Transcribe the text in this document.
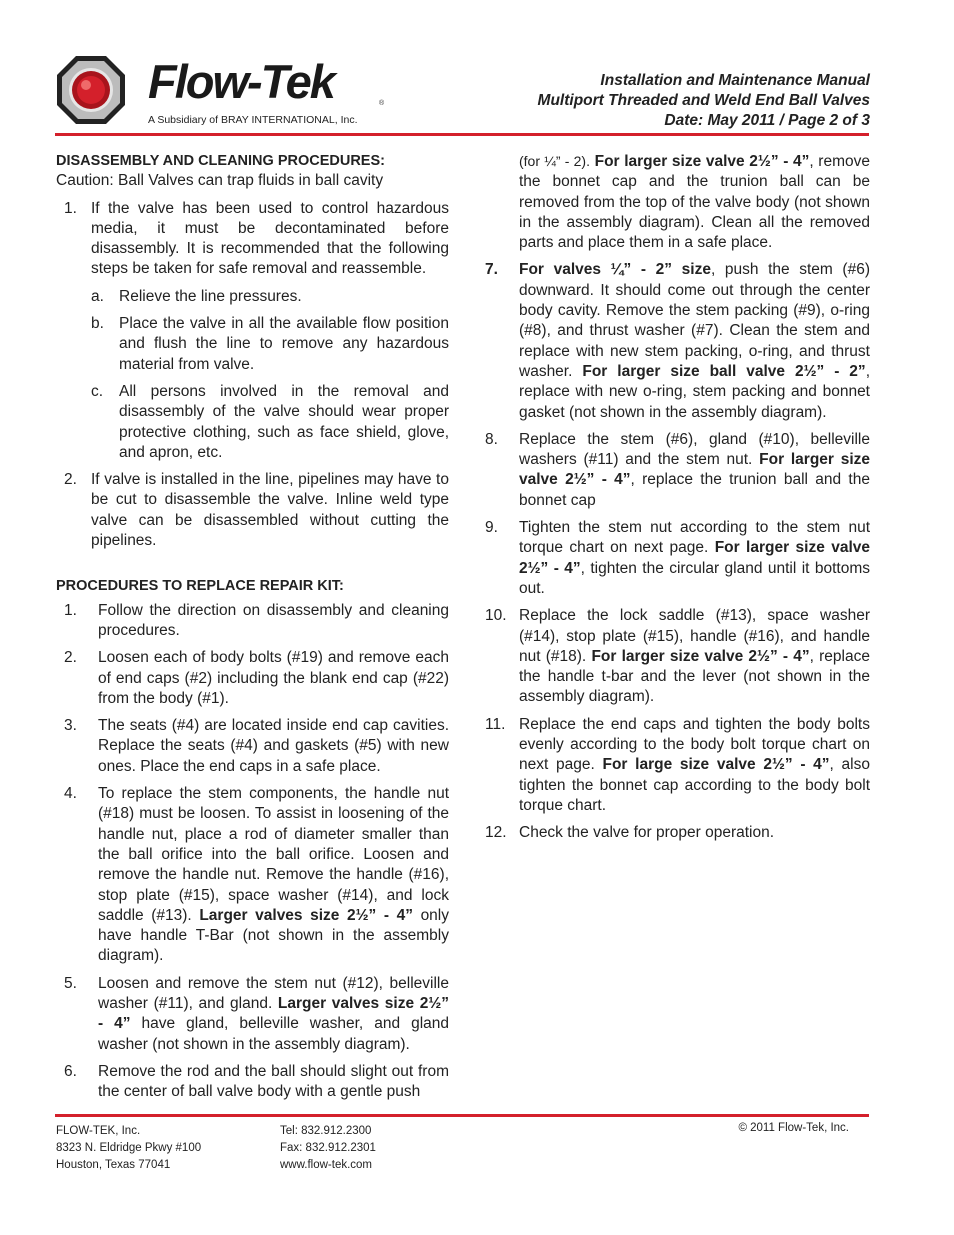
Flow-Tek	®
A Subsidiary of BRAY INTERNATIONAL, Inc.
Installation and Maintenance Manual
Multiport Threaded and Weld End Ball Valves
Date: May 2011 / Page 2 of 3

DISASSEMBLY AND CLEANING PROCEDURES:

Caution: Ball Valves can trap fluids in ball cavity

1. If the valve has been used to control hazardous media, it must be decontaminated before disassembly. It is recommended that the following steps be taken for safe removal and reassemble.
a. Relieve the line pressures.
b. Place the valve in all the available flow position and flush the line to remove any hazardous material from valve.
c.	All persons involved in the removal and disassembly of the valve should wear proper protective clothing, such as face shield, glove, and apron, etc.
2. If valve is installed in the line, pipelines may have to be cut to disassemble the valve. Inline weld type valve can be disassembled without cutting the pipelines.

PROCEDURES TO REPLACE REPAIR KIT:

1.	Follow the direction on disassembly and cleaning procedures.
2.	Loosen each of body bolts (#19) and remove each of end caps (#2) including the blank end cap (#22) from the body (#1).
3.	The seats (#4) are located inside end cap cavities. Replace the seats (#4) and gaskets (#5) with new ones. Place the end caps in a safe place.
4.	To replace the stem components, the handle nut (#18) must be loosen. To assist in loosening of the handle nut, place a rod of diameter smaller than the ball orifice into the ball orifice. Loosen and remove the handle nut. Remove the handle (#16), stop plate (#15), space washer (#14), and lock saddle (#13). Larger valves size 2½” - 4” only have handle T-Bar (not shown in the assembly diagram).
5.	Loosen and remove the stem nut (#12), belleville washer (#11), and gland. Larger valves size 2½” - 4” have gland, belleville washer, and gland washer (not shown in the assembly diagram).
6.	Remove the rod and the ball should slight out from the center of ball valve body with a gentle push
(for ¼” - 2). For larger size valve 2½” - 4”, remove the bonnet cap and the trunion ball can be removed from the top of the valve body (not shown in the assembly diagram). Clean all the removed parts and place them in a safe place.
7.	For valves ¼” - 2” size, push the stem (#6) downward. It should come out through the center body cavity. Remove the stem packing (#9), o-ring (#8), and thrust washer (#7). Clean the stem and replace with new stem packing, o-ring, and thrust washer. For larger size ball valve 2½” - 2”, replace with new o-ring, stem packing and bonnet gasket (not shown in the assembly diagram).
8.	Replace the stem (#6), gland (#10), belleville washers (#11) and the stem nut. For larger size valve 2½” - 4”, replace the trunion ball and the bonnet cap
9.	Tighten the stem nut according to the stem nut torque chart on next page. For larger size valve 2½” - 4”, tighten the circular gland until it bottoms out.
10. Replace the lock saddle (#13), space washer (#14), stop plate (#15), handle (#16), and handle nut (#18). For larger size valve 2½” - 4”, replace the handle t-bar and the lever (not shown in the assembly diagram).
11. Replace the end caps and tighten the body bolts evenly according to the body bolt torque chart on next page. For large size valve 2½” - 4”, also tighten the bonnet cap according to the body bolt torque chart.
12. Check the valve for proper operation.
FLOW-TEK, Inc.
8323 N. Eldridge Pkwy #100
Houston, Texas 77041
Tel: 832.912.2300
Fax: 832.912.2301
www.flow-tek.com
© 2011 Flow-Tek, Inc.
